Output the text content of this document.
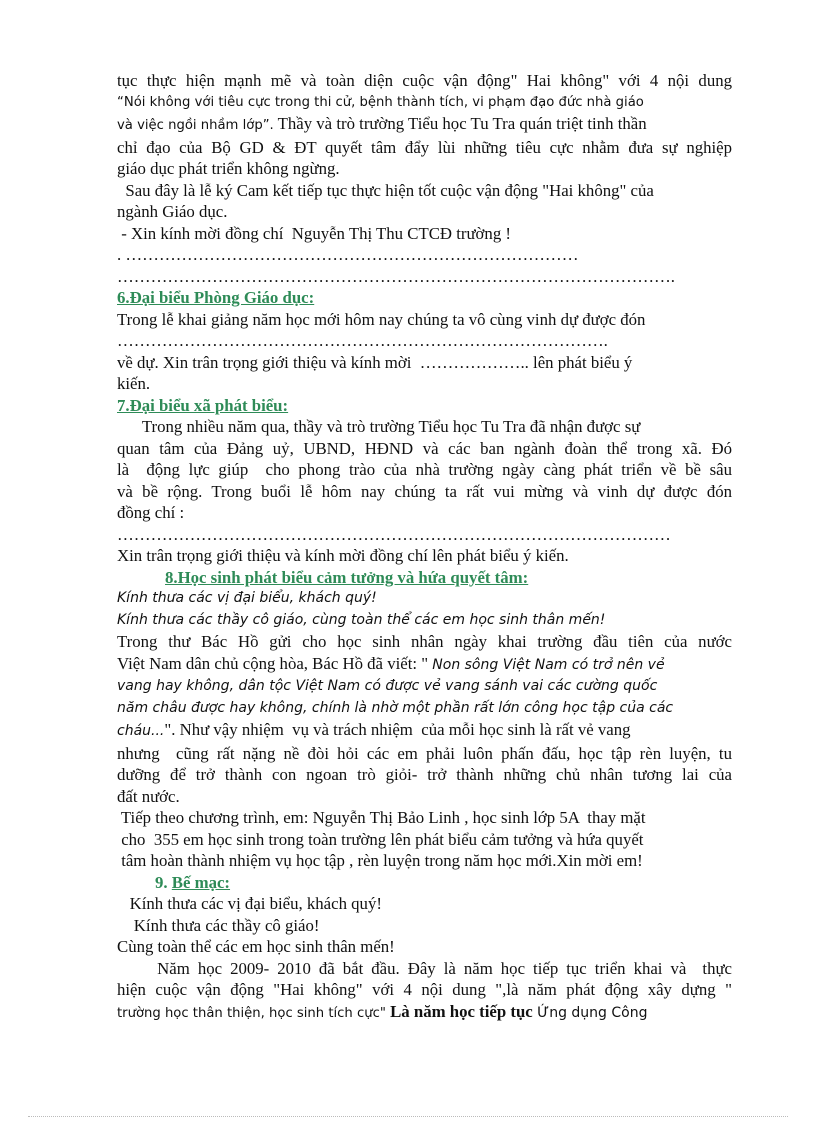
tục thực hiện mạnh mẽ và toàn diện cuộc vận động" Hai không" với 4 nội dung
“Nói không với tiêu cực trong thi cử, bệnh thành tích, vi phạm đạo đức nhà giáo
và việc ngồi nhầm lớp”. Thầy và trò trường Tiểu học Tu Tra quán triệt tinh thần
chỉ đạo của Bộ GD & ĐT quyết tâm đẩy lùi những tiêu cực nhằm đưa sự nghiệp
giáo dục phát triển không ngừng.
Sau đây là lễ ký Cam kết tiếp tục thực hiện tốt cuộc vận động "Hai không" của
ngành Giáo dục.
- Xin kính mời đồng chí  Nguyễn Thị Thu CTCĐ trường !
. ………………………………………………………………………
……………………………………………………………………………………….
6.Đại biểu Phòng Giáo dục:
Trong lễ khai giảng năm học mới hôm nay chúng ta vô cùng vinh dự được đón
…………………………………………………………………………….
về dự. Xin trân trọng giới thiệu và kính mời  ……………….. lên phát biểu ý
kiến.
7.Đại biểu xã phát biểu:
Trong nhiều năm qua, thầy và trò trường Tiểu học Tu Tra đã nhận được sự
quan tâm của Đảng uỷ, UBND, HĐND và các ban ngành đoàn thể trong xã. Đó
là  động lực giúp  cho phong trào của nhà trường ngày càng phát triển về bề sâu
và bề rộng. Trong buổi lễ hôm nay chúng ta rất vui mừng và vinh dự được đón
đồng chí :
………………………………………………………………………………………
Xin trân trọng giới thiệu và kính mời đồng chí lên phát biểu ý kiến.
8.Học sinh phát biểu cảm tưởng và hứa quyết tâm:
Kính thưa các vị đại biểu, khách quý!
Kính thưa các thầy cô giáo, cùng toàn thể các em học sinh thân mến!
Trong thư Bác Hồ gửi cho học sinh nhân ngày khai trường đầu tiên của nước
Việt Nam dân chủ cộng hòa, Bác Hồ đã viết: " Non sông Việt Nam có trở nên vẻ
vang hay không, dân tộc Việt Nam có được vẻ vang sánh vai các cường quốc
năm châu được hay không, chính là nhờ một phần rất lớn công học tập của các
cháu...". Như vậy nhiệm  vụ và trách nhiệm  của mỗi học sinh là rất vẻ vang
nhưng  cũng rất nặng nề đòi hỏi các em phải luôn phấn đấu, học tập rèn luyện, tu
dưỡng để trở thành con ngoan trò giỏi- trở thành những chủ nhân tương lai của
đất nước.
Tiếp theo chương trình, em: Nguyễn Thị Bảo Linh , học sinh lớp 5A  thay mặt
cho  355 em học sinh trong toàn trường lên phát biểu cảm tưởng và hứa quyết
tâm hoàn thành nhiệm vụ học tập , rèn luyện trong năm học mới.Xin mời em!
9. Bế mạc:
Kính thưa các vị đại biểu, khách quý!
Kính thưa các thầy cô giáo!
Cùng toàn thể các em học sinh thân mến!
Năm học 2009- 2010 đã bắt đầu. Đây là năm học tiếp tục triển khai và  thực
hiện cuộc vận động "Hai không" với 4 nội dung ",là năm phát động xây dựng "
trường học thân thiện, học sinh tích cực" Là năm học tiếp tục Ứng dụng Công
